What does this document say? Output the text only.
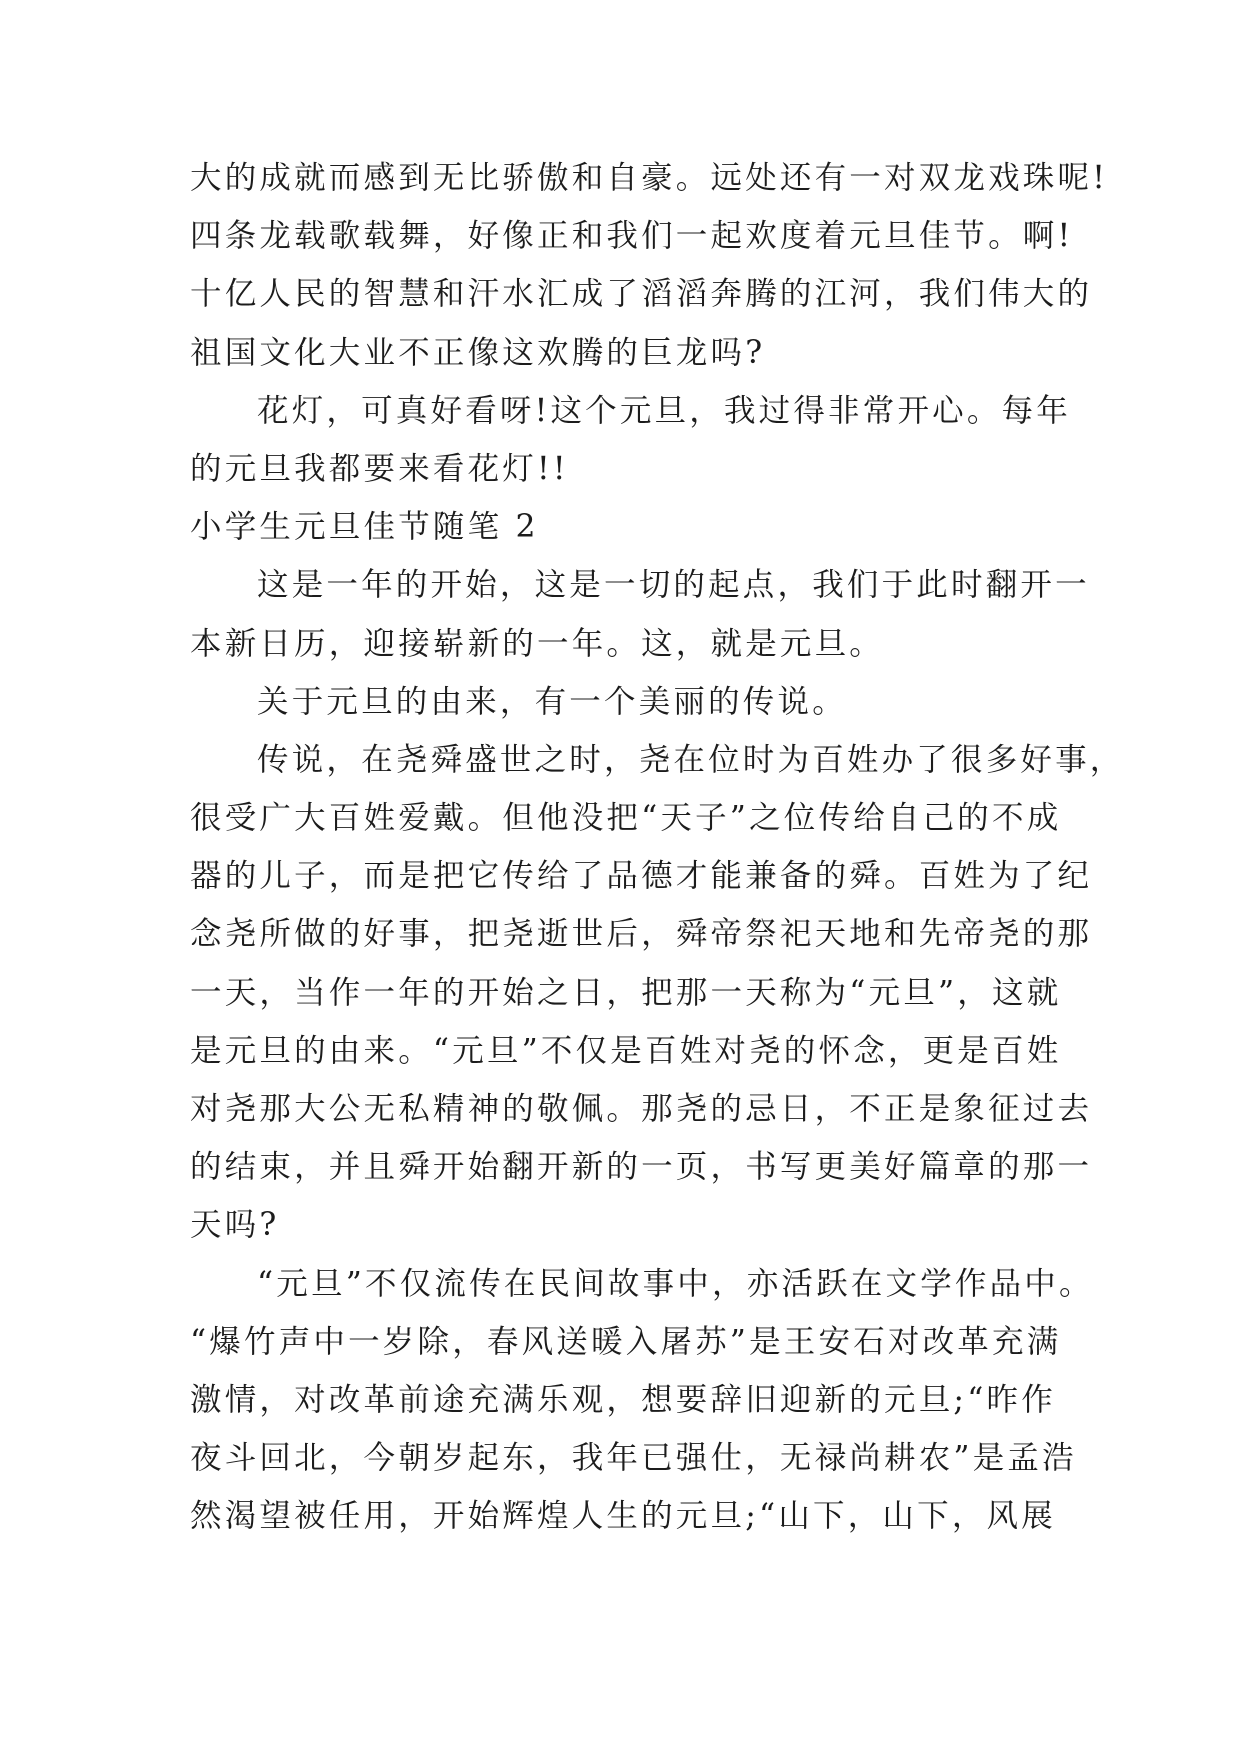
大的成就而感到无比骄傲和自豪。远处还有一对双龙戏珠呢!
四条龙载歌载舞，好像正和我们一起欢度着元旦佳节。啊!
十亿人民的智慧和汗水汇成了滔滔奔腾的江河，我们伟大的
祖国文化大业不正像这欢腾的巨龙吗?
花灯，可真好看呀!这个元旦，我过得非常开心。每年
的元旦我都要来看花灯!!
小学生元旦佳节随笔 2
这是一年的开始，这是一切的起点，我们于此时翻开一
本新日历，迎接崭新的一年。这，就是元旦。
关于元旦的由来，有一个美丽的传说。
传说，在尧舜盛世之时，尧在位时为百姓办了很多好事，
很受广大百姓爱戴。但他没把“天子”之位传给自己的不成
器的儿子，而是把它传给了品德才能兼备的舜。百姓为了纪
念尧所做的好事，把尧逝世后，舜帝祭祀天地和先帝尧的那
一天，当作一年的开始之日，把那一天称为“元旦”，这就
是元旦的由来。“元旦”不仅是百姓对尧的怀念，更是百姓
对尧那大公无私精神的敬佩。那尧的忌日，不正是象征过去
的结束，并且舜开始翻开新的一页，书写更美好篇章的那一
天吗?
“元旦”不仅流传在民间故事中，亦活跃在文学作品中。
“爆竹声中一岁除，春风送暖入屠苏”是王安石对改革充满
激情，对改革前途充满乐观，想要辞旧迎新的元旦;“昨作
夜斗回北，今朝岁起东，我年已强仕，无禄尚耕农”是孟浩
然渴望被任用，开始辉煌人生的元旦;“山下，山下，风展
